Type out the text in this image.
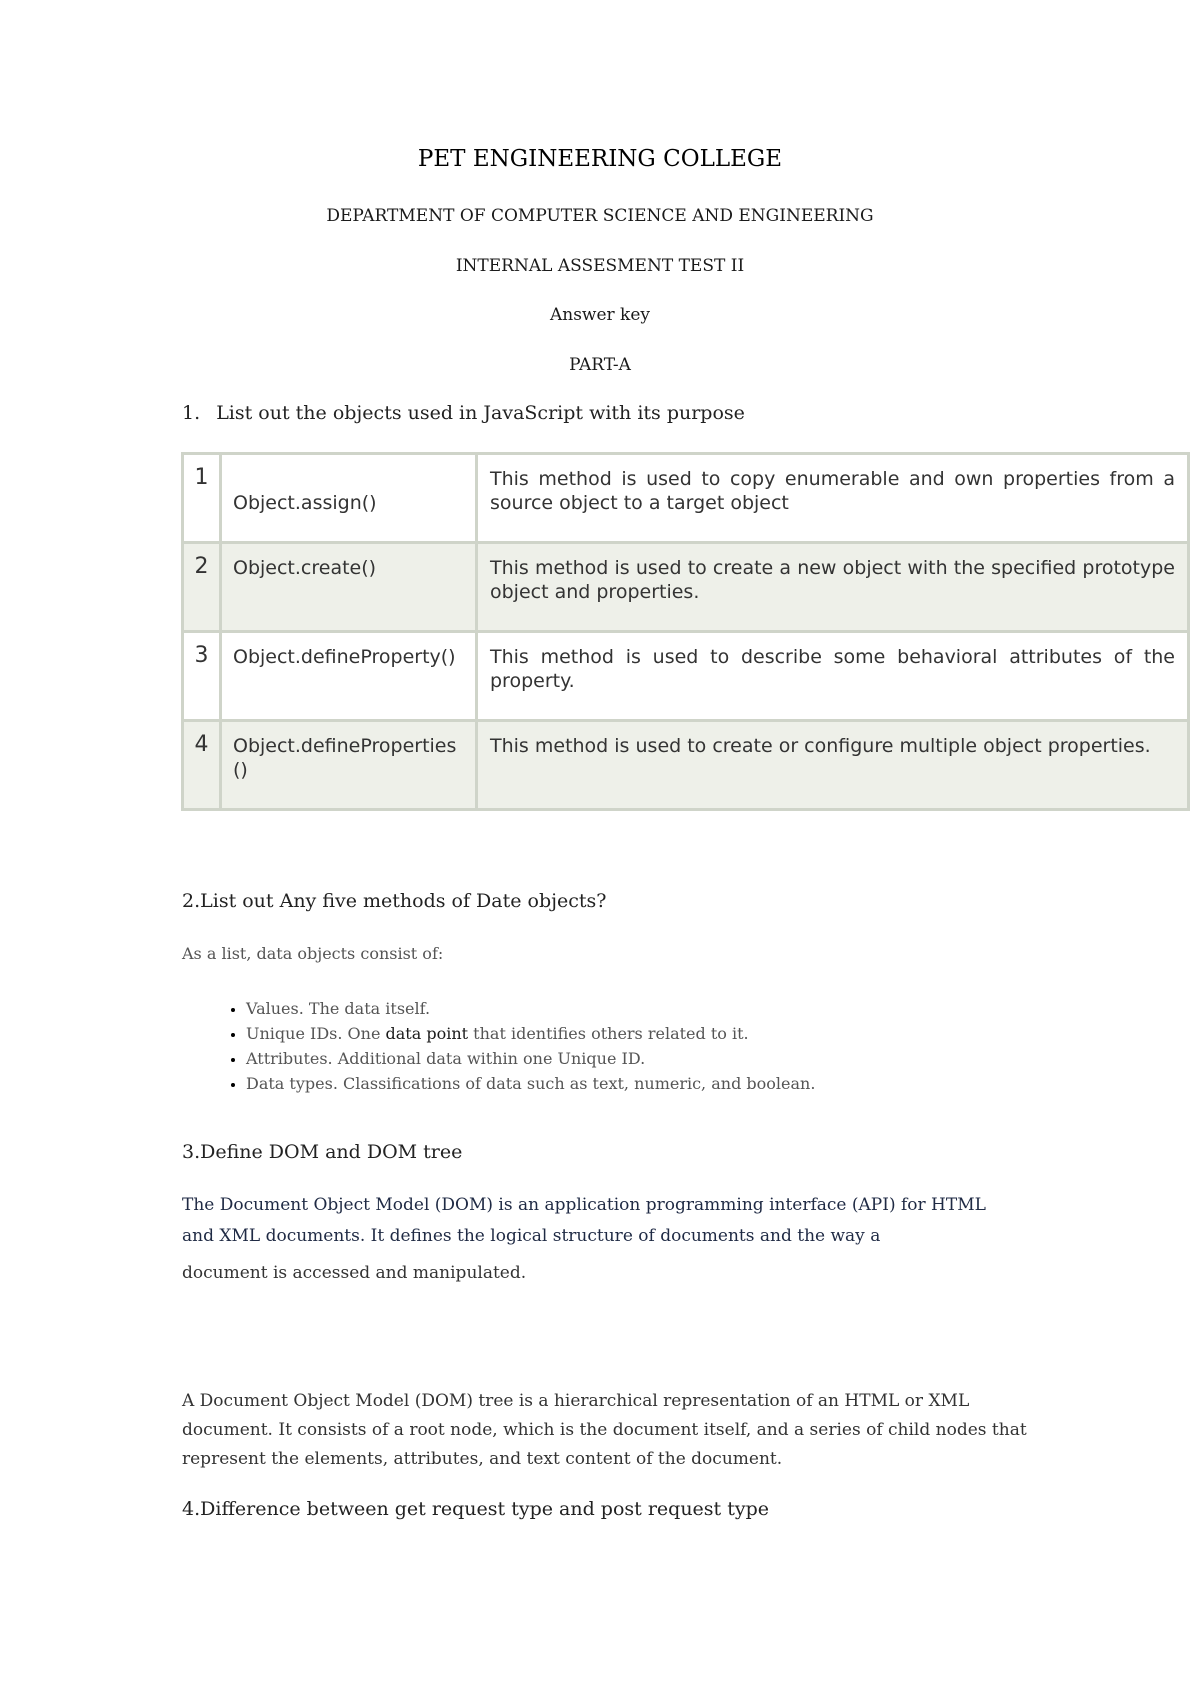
PET ENGINEERING COLLEGE
DEPARTMENT OF COMPUTER SCIENCE AND ENGINEERING
INTERNAL ASSESMENT TEST II
Answer key
PART-A
1. List out the objects used in JavaScript with its purpose
1	Object.assign()	This method is used to copy enumerable and own properties from a source object to a target object
2	Object.create()	This method is used to create a new object with the specified prototype object and properties.
3	Object.defineProperty()	This method is used to describe some behavioral attributes of the property.
4	Object.defineProperties()	This method is used to create or configure multiple object properties.
2.List out Any five methods of Date objects?
As a list, data objects consist of:
• Values. The data itself.
• Unique IDs. One data point that identifies others related to it.
• Attributes. Additional data within one Unique ID.
• Data types. Classifications of data such as text, numeric, and boolean.
3.Define DOM and DOM tree
The Document Object Model (DOM) is an application programming interface (API) for HTML and XML documents. It defines the logical structure of documents and the way a
document is accessed and manipulated.
A Document Object Model (DOM) tree is a hierarchical representation of an HTML or XML document. It consists of a root node, which is the document itself, and a series of child nodes that represent the elements, attributes, and text content of the document.
4.Difference between get request type and post request type
